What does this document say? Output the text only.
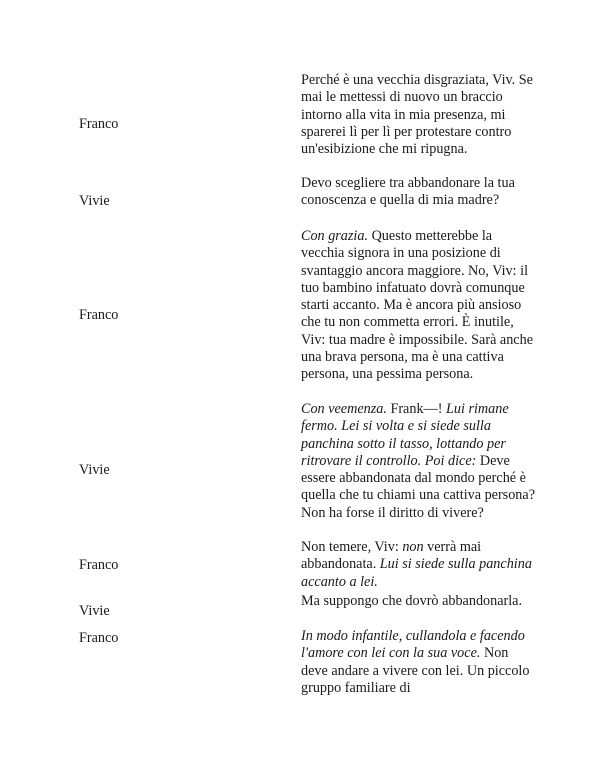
Franco
Perché è una vecchia disgraziata, Viv. Se mai le mettessi di nuovo un braccio intorno alla vita in mia presenza, mi sparerei lì per lì per protestare contro un'esibizione che mi ripugna.
Vivie
Devo scegliere tra abbandonare la tua conoscenza e quella di mia madre?
Franco
Con grazia. Questo metterebbe la vecchia signora in una posizione di svantaggio ancora maggiore. No, Viv: il tuo bambino infatuato dovrà comunque starti accanto. Ma è ancora più ansioso che tu non commetta errori. È inutile, Viv: tua madre è impossibile. Sarà anche una brava persona, ma è una cattiva persona, una pessima persona.
Vivie
Con veemenza. Frank—! Lui rimane fermo. Lei si volta e si siede sulla panchina sotto il tasso, lottando per ritrovare il controllo. Poi dice: Deve essere abbandonata dal mondo perché è quella che tu chiami una cattiva persona? Non ha forse il diritto di vivere?
Franco
Non temere, Viv: non verrà mai abbandonata. Lui si siede sulla panchina accanto a lei.
Vivie
Ma suppongo che dovrò abbandonarla.
Franco	In modo infantile, cullandola e facendo l'amore con lei con la sua voce. Non deve andare a vivere con lei. Un piccolo gruppo familiare di
